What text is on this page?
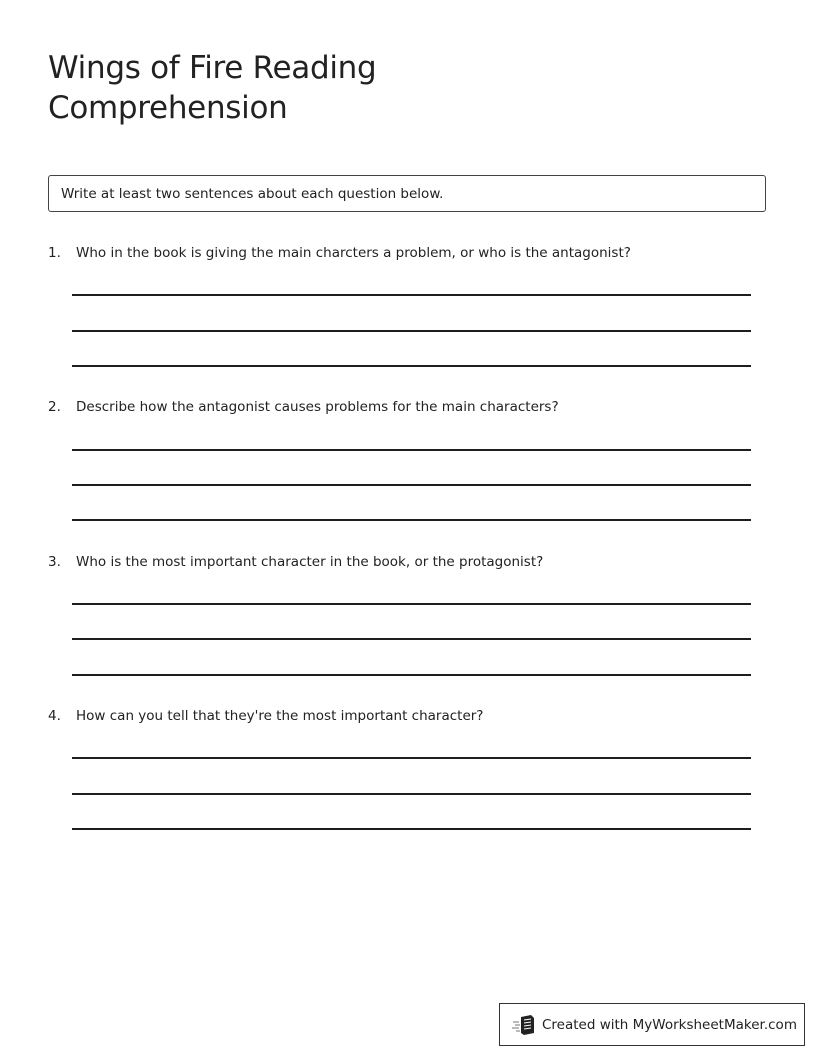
Wings of Fire Reading
Comprehension
Write at least two sentences about each question below.
1.	Who in the book is giving the main charcters a problem, or who is the antagonist?
2.	Describe how the antagonist causes problems for the main characters?
3.	Who is the most important character in the book, or the protagonist?
4.	How can you tell that they're the most important character?
Created with MyWorksheetMaker.com
